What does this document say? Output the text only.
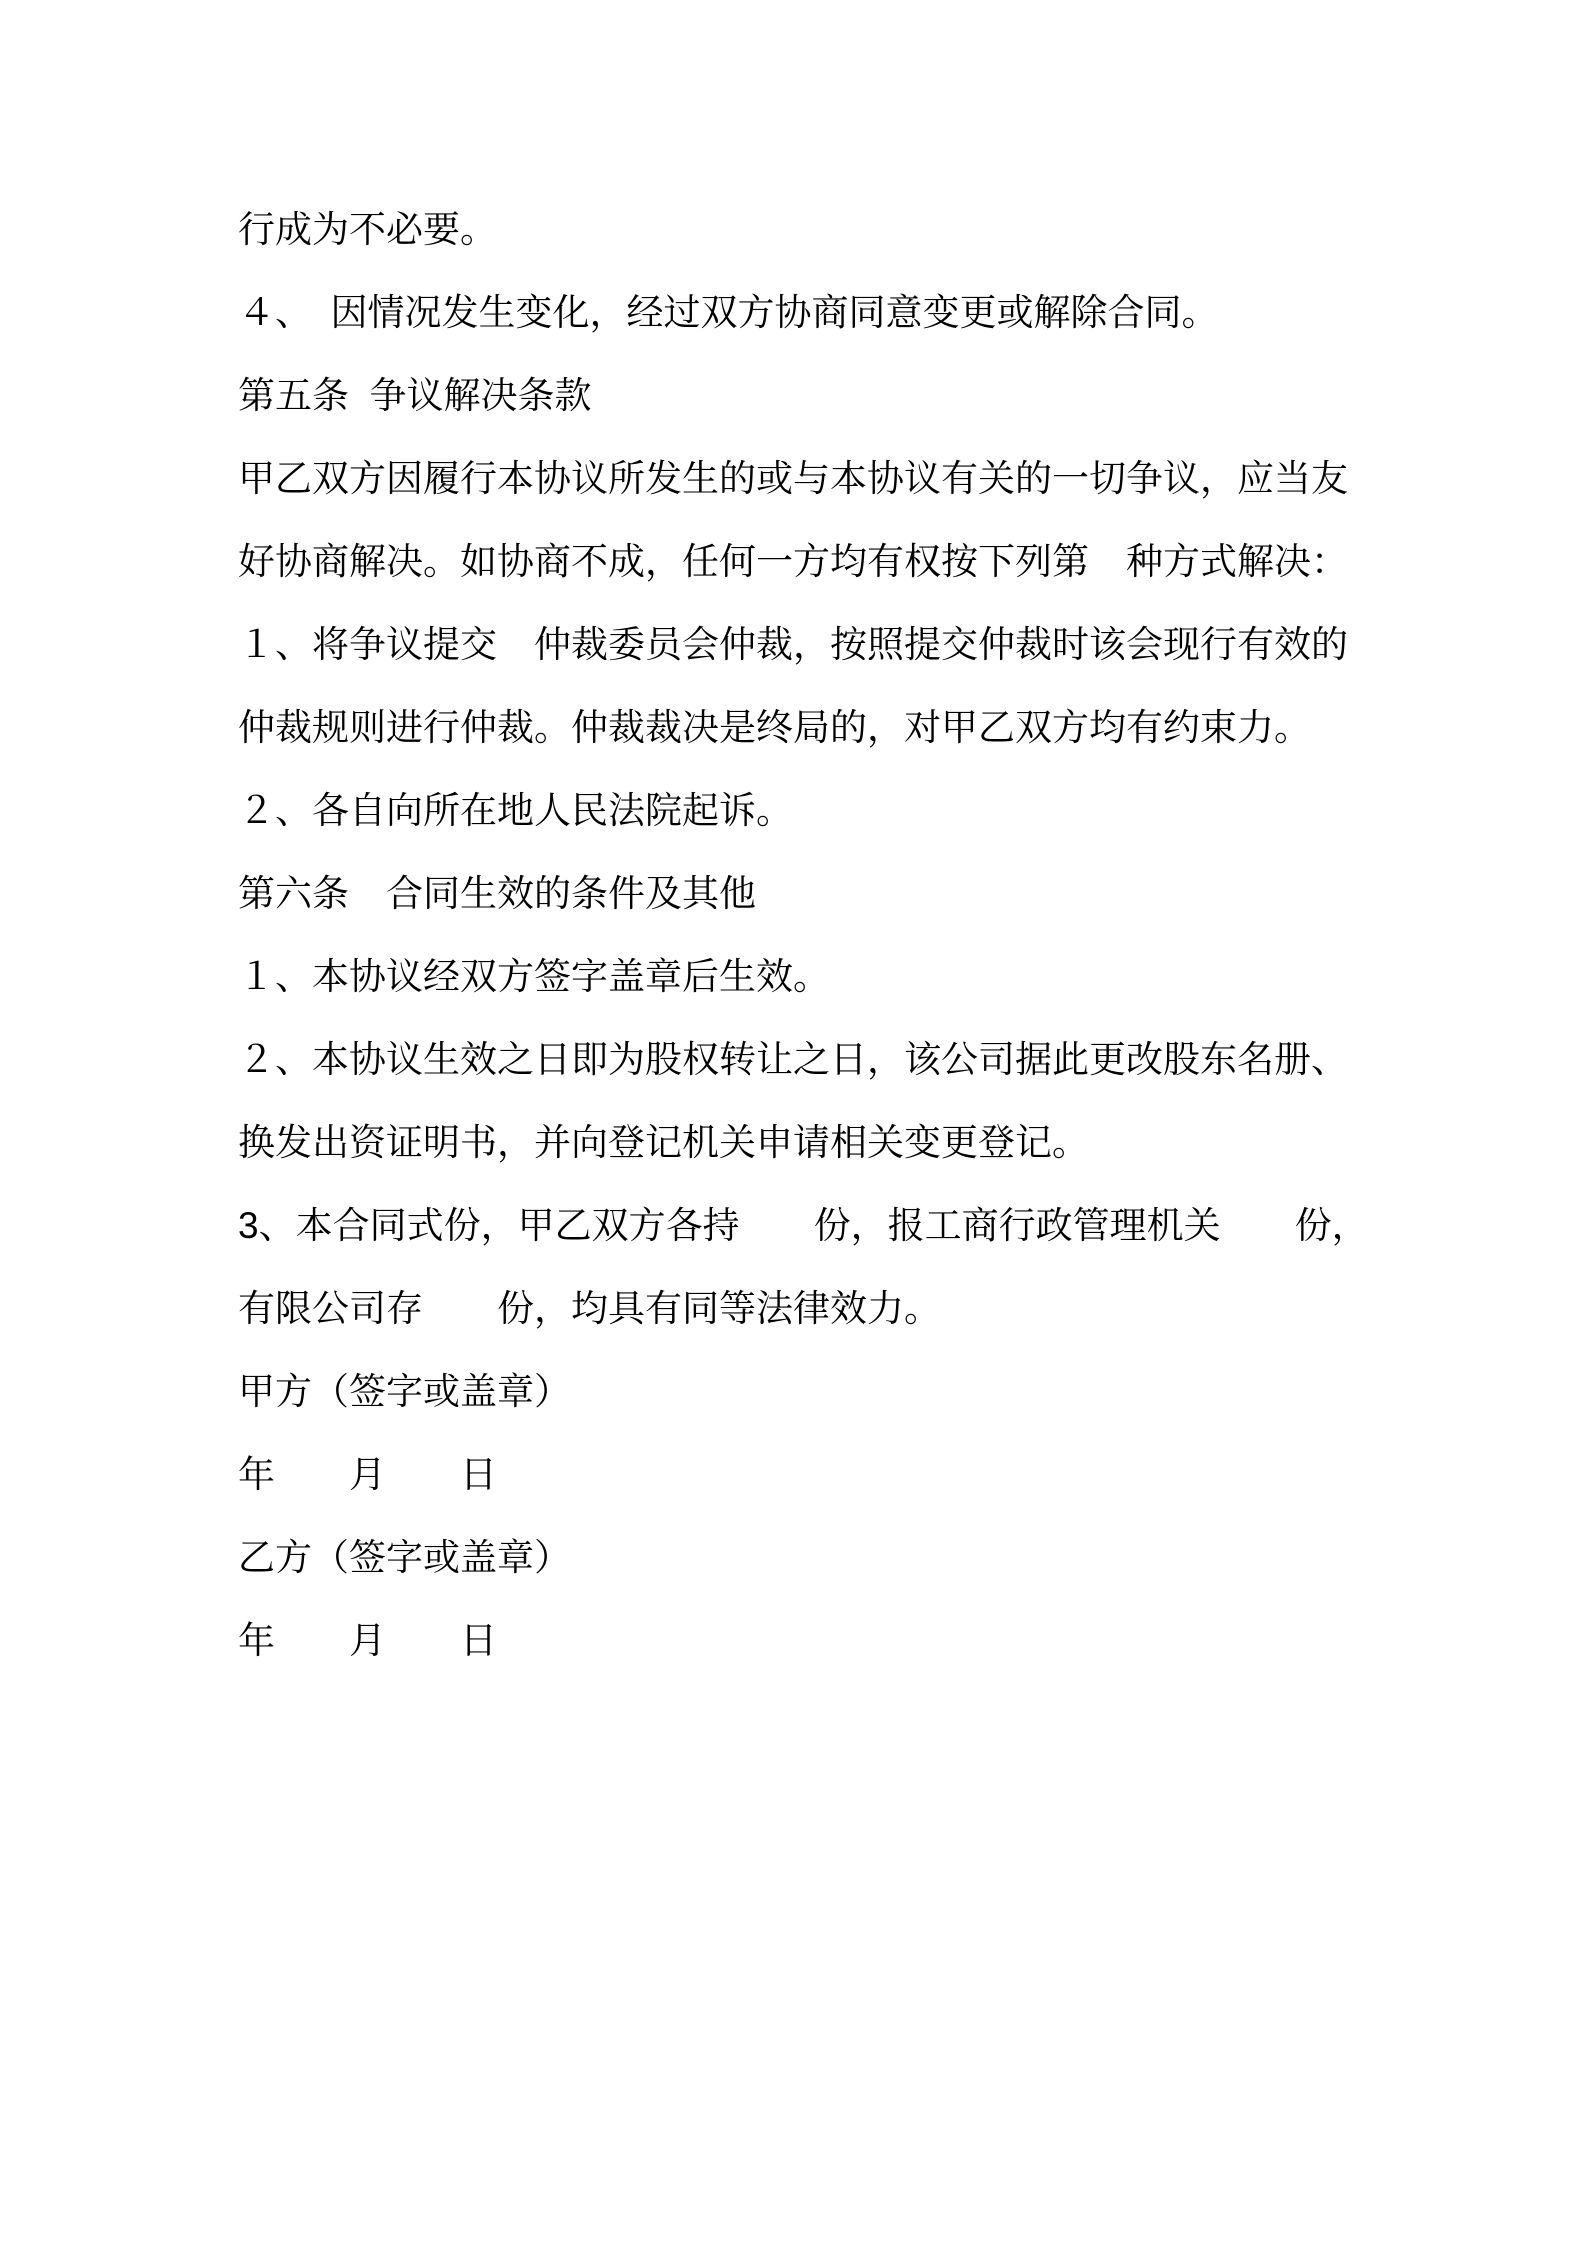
行成为不必要。
４、　因情况发生变化，经过双方协商同意变更或解除合同。
第五条  争议解决条款
甲乙双方因履行本协议所发生的或与本协议有关的一切争议，应当友
好协商解决。如协商不成，任何一方均有权按下列第　种方式解决：
１、将争议提交　仲裁委员会仲裁，按照提交仲裁时该会现行有效的
仲裁规则进行仲裁。仲裁裁决是终局的，对甲乙双方均有约束力。
２、各自向所在地人民法院起诉。
第六条　合同生效的条件及其他
１、本协议经双方签字盖章后生效。
２、本协议生效之日即为股权转让之日，该公司据此更改股东名册、
换发出资证明书，并向登记机关申请相关变更登记。
3、本合同式份，甲乙双方各持　　份，报工商行政管理机关　　份，
有限公司存　　份，均具有同等法律效力。
甲方（签字或盖章）
年　　月　　日
乙方（签字或盖章）
年　　月　　日
